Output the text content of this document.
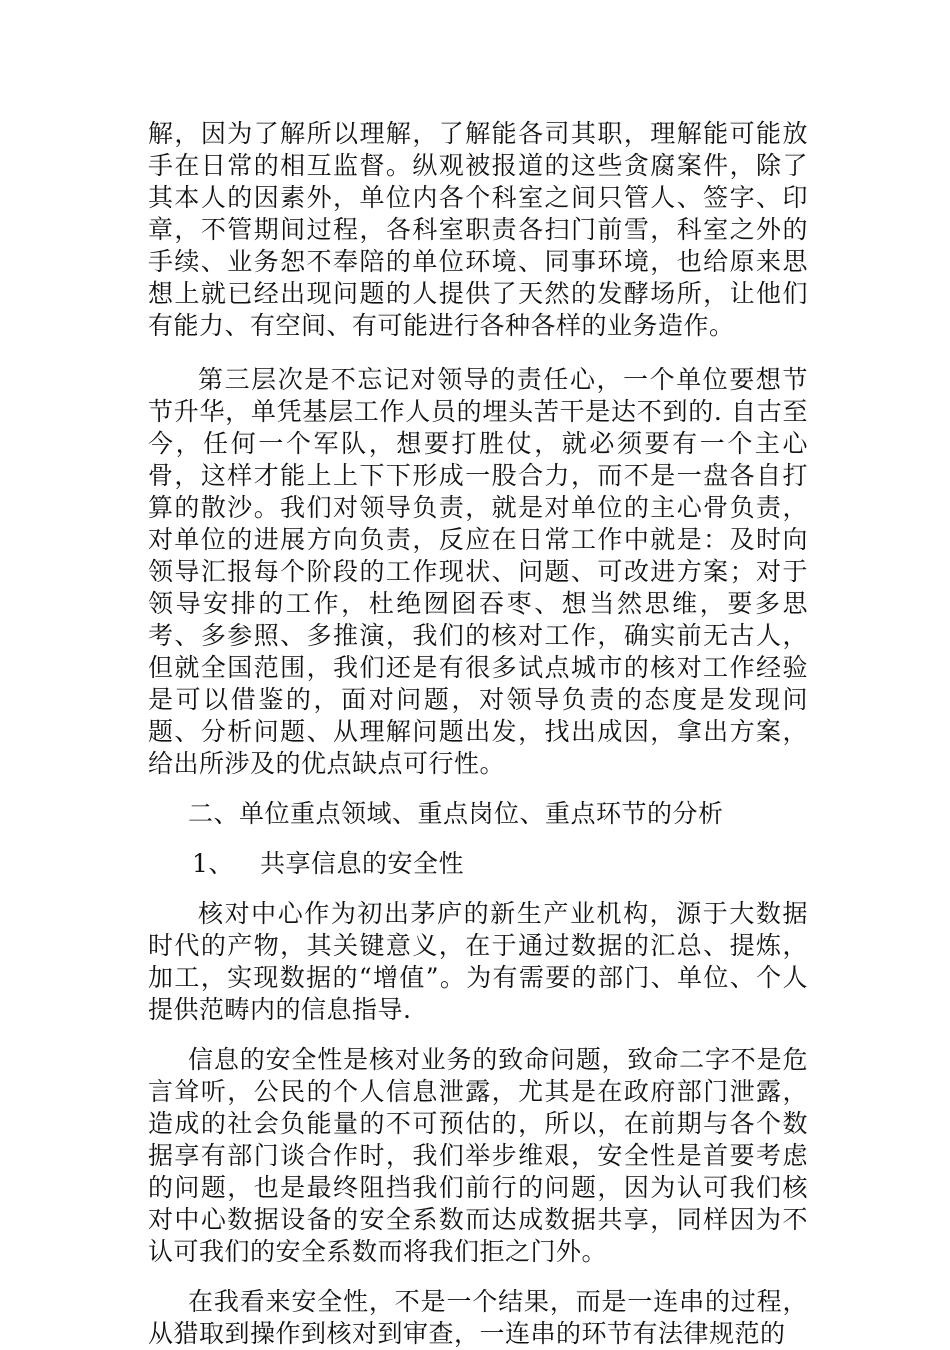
解，因为了解所以理解，了解能各司其职，理解能可能放手在日常的相互监督。纵观被报道的这些贪腐案件，除了其本人的因素外，单位内各个科室之间只管人、签字、印章，不管期间过程，各科室职责各扫门前雪，科室之外的手续、业务恕不奉陪的单位环境、同事环境，也给原来思想上就已经出现问题的人提供了天然的发酵场所，让他们有能力、有空间、有可能进行各种各样的业务造作。

第三层次是不忘记对领导的责任心，一个单位要想节节升华，单凭基层工作人员的埋头苦干是达不到的. 自古至今，任何一个军队，想要打胜仗，就必须要有一个主心骨，这样才能上上下下形成一股合力，而不是一盘各自打算的散沙。我们对领导负责，就是对单位的主心骨负责，对单位的进展方向负责，反应在日常工作中就是：及时向领导汇报每个阶段的工作现状、问题、可改进方案；对于领导安排的工作，杜绝囫囵吞枣、想当然思维，要多思考、多参照、多推演，我们的核对工作，确实前无古人，但就全国范围，我们还是有很多试点城市的核对工作经验是可以借鉴的，面对问题，对领导负责的态度是发现问题、分析问题、从理解问题出发，找出成因，拿出方案，给出所涉及的优点缺点可行性。

二、单位重点领域、重点岗位、重点环节的分析

1、 共享信息的安全性

核对中心作为初出茅庐的新生产业机构，源于大数据时代的产物，其关键意义，在于通过数据的汇总、提炼，加工，实现数据的“增值”。为有需要的部门、单位、个人提供范畴内的信息指导.

信息的安全性是核对业务的致命问题，致命二字不是危言耸听，公民的个人信息泄露，尤其是在政府部门泄露，造成的社会负能量的不可预估的，所以，在前期与各个数据享有部门谈合作时，我们举步维艰，安全性是首要考虑的问题，也是最终阻挡我们前行的问题，因为认可我们核对中心数据设备的安全系数而达成数据共享，同样因为不认可我们的安全系数而将我们拒之门外。

在我看来安全性，不是一个结果，而是一连串的过程，从猎取到操作到核对到审查，一连串的环节有法律规范的
